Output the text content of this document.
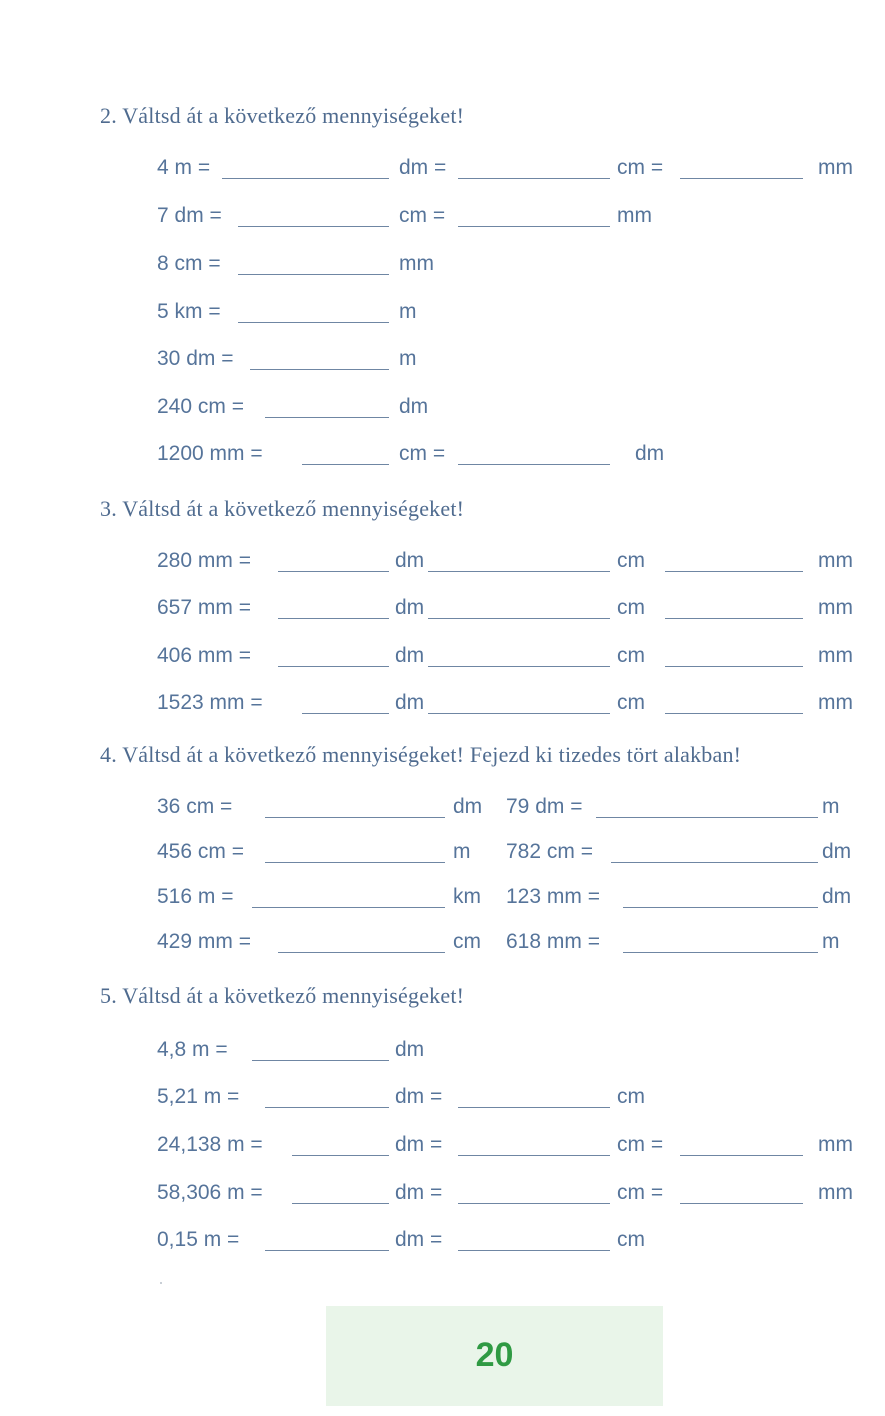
2. Váltsd át a következő mennyiségeket!
4 m =	dm =	cm =	mm
7 dm =	cm =	mm
8 cm =	mm
5 km =	m
30 dm =	m
240 cm =	dm
1200 mm =	cm =	dm
3. Váltsd át a következő mennyiségeket!
280 mm =	dm	cm	mm
657 mm =	dm	cm	mm
406 mm =	dm	cm	mm
1523 mm =	dm	cm	mm
4. Váltsd át a következő mennyiségeket! Fejezd ki tizedes tört alakban!
36 cm =	dm 79 dm =	m
456 cm =	m 782 cm =	dm
516 m =	km 123 mm =	dm
429 mm =	cm 618 mm =	m
5. Váltsd át a következő mennyiségeket!
4,8 m =	dm
5,21 m =	dm =	cm
24,138 m =	dm =	cm =	mm
58,306 m =	dm =	cm =	mm
0,15 m =	dm =	cm
20
